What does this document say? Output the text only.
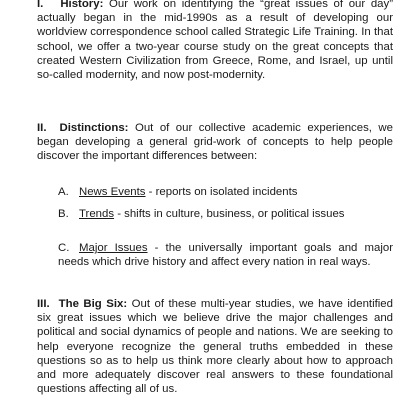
I. History: Our work on identifying the “great issues of our day” actually began in the mid-1990s as a result of developing our worldview correspondence school called Strategic Life Training. In that school, we offer a two-year course study on the great concepts that created Western Civilization from Greece, Rome, and Israel, up until so-called modernity, and now post-modernity.

II. Distinctions: Out of our collective academic experiences, we began developing a general grid-work of concepts to help people discover the important differences between:

A. News Events - reports on isolated incidents
B. Trends - shifts in culture, business, or political issues
C. Major Issues - the universally important goals and major needs which drive history and affect every nation in real ways.

III. The Big Six: Out of these multi-year studies, we have identified six great issues which we believe drive the major challenges and political and social dynamics of people and nations. We are seeking to help everyone recognize the general truths embedded in these questions so as to help us think more clearly about how to approach and more adequately discover real answers to these foundational questions affecting all of us.
